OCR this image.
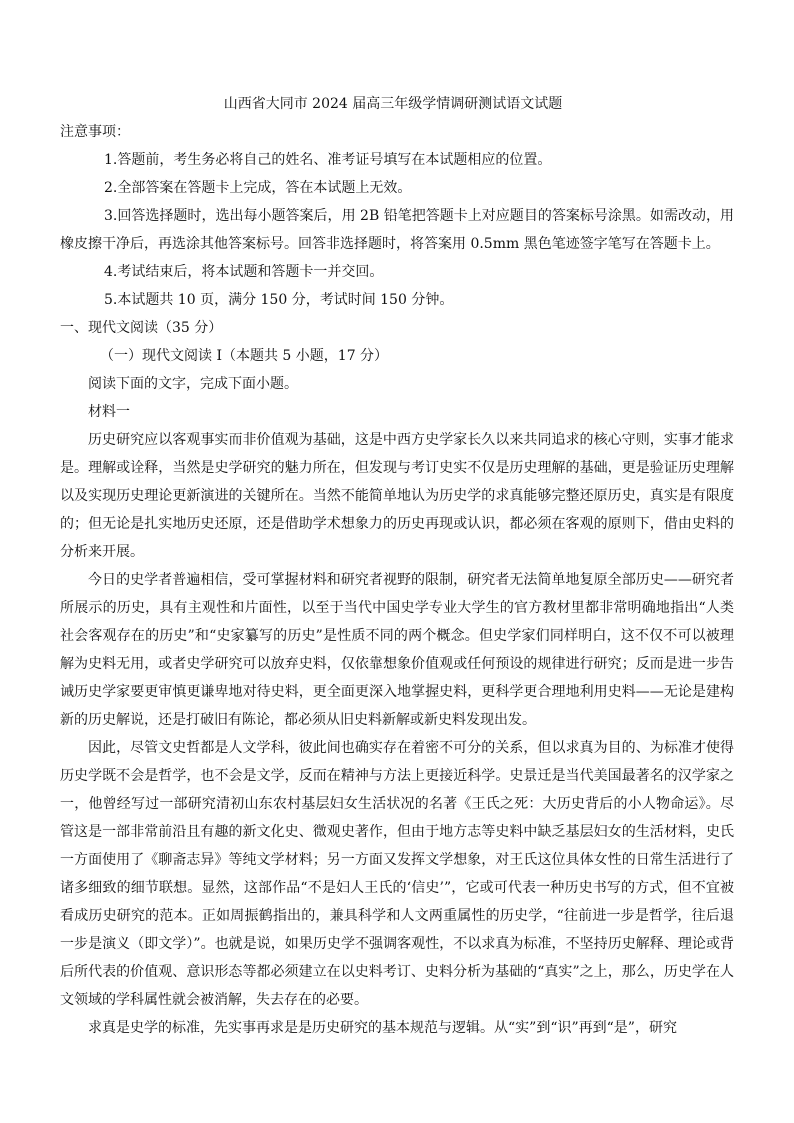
山西省大同市 2024 届高三年级学情调研测试语文试题
注意事项：
1.答题前，考生务必将自己的姓名、准考证号填写在本试题相应的位置。
2.全部答案在答题卡上完成，答在本试题上无效。

3.回答选择题时，选出每小题答案后，用 2B 铅笔把答题卡上对应题目的答案标号涂黑。如需改动，用橡皮擦干净后，再选涂其他答案标号。回答非选择题时，将答案用 0.5mm 黑色笔迹签字笔写在答题卡上。

4.考试结束后，将本试题和答题卡一并交回。
5.本试题共 10 页，满分 150 分，考试时间 150 分钟。
一、现代文阅读（35 分）
（一）现代文阅读 I（本题共 5 小题，17 分）
阅读下面的文字，完成下面小题。
材料一

历史研究应以客观事实而非价值观为基础，这是中西方史学家长久以来共同追求的核心守则，实事才能求是。理解或诠释，当然是史学研究的魅力所在，但发现与考订史实不仅是历史理解的基础，更是验证历史理解以及实现历史理论更新演进的关键所在。当然不能简单地认为历史学的求真能够完整还原历史，真实是有限度的；但无论是扎实地历史还原，还是借助学术想象力的历史再现或认识，都必须在客观的原则下，借由史料的分析来开展。

今日的史学者普遍相信，受可掌握材料和研究者视野的限制，研究者无法简单地复原全部历史——研究者所展示的历史，具有主观性和片面性，以至于当代中国史学专业大学生的官方教材里都非常明确地指出“人类社会客观存在的历史”和“史家纂写的历史”是性质不同的两个概念。但史学家们同样明白，这不仅不可以被理解为史料无用，或者史学研究可以放弃史料，仅依靠想象价值观或任何预设的规律进行研究；反而是进一步告诫历史学家要更审慎更谦卑地对待史料，更全面更深入地掌握史料，更科学更合理地利用史料——无论是建构新的历史解说，还是打破旧有陈论，都必须从旧史料新解或新史料发现出发。

因此，尽管文史哲都是人文学科，彼此间也确实存在着密不可分的关系，但以求真为目的、为标准才使得历史学既不会是哲学，也不会是文学，反而在精神与方法上更接近科学。史景迁是当代美国最著名的汉学家之一，他曾经写过一部研究清初山东农村基层妇女生活状况的名著《王氏之死：大历史背后的小人物命运》。尽管这是一部非常前沿且有趣的新文化史、微观史著作，但由于地方志等史料中缺乏基层妇女的生活材料，史氏一方面使用了《聊斋志异》等纯文学材料；另一方面又发挥文学想象，对王氏这位具体女性的日常生活进行了诸多细致的细节联想。显然，这部作品“不是妇人王氏的‘信史’”，它或可代表一种历史书写的方式，但不宜被看成历史研究的范本。正如周振鹤指出的，兼具科学和人文两重属性的历史学，“往前进一步是哲学，往后退一步是演义（即文学）”。也就是说，如果历史学不强调客观性，不以求真为标准，不坚持历史解释、理论或背后所代表的价值观、意识形态等都必须建立在以史料考订、史料分析为基础的“真实”之上，那么，历史学在人文领域的学科属性就会被消解，失去存在的必要。

求真是史学的标准，先实事再求是是历史研究的基本规范与逻辑。从“实”到“识”再到“是”，研究
